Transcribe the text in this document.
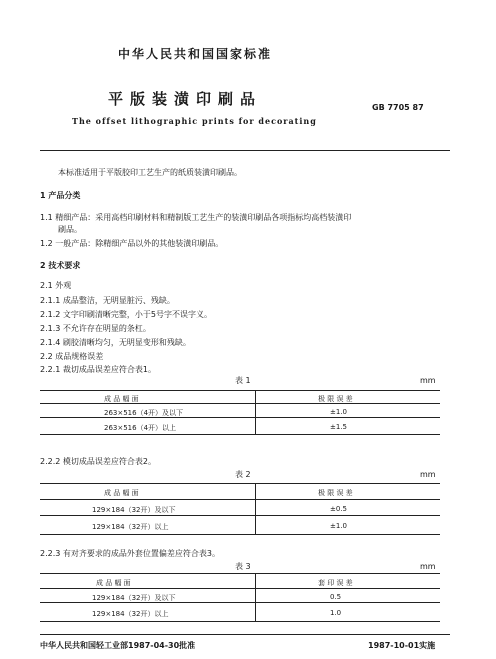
中华人民共和国国家标准
平版装潢印刷品	GB 7705 87
The offset lithographic prints for decorating
本标准适用于平版胶印工艺生产的纸质装潢印刷品。
1 产品分类
1.1 精细产品：采用高档印刷材料和精制版工艺生产的装潢印刷品各项指标均高档装潢印
刷品。
1.2 一般产品：除精细产品以外的其他装潢印刷品。
2 技术要求
2.1 外观
2.1.1 成品整洁，无明显脏污、残缺。
2.1.2 文字印刷清晰完整，小于5号字不误字义。
2.1.3 不允许存在明显的条杠。
2.1.4 刷胶清晰均匀，无明显变形和残缺。
2.2 成品规格误差
2.2.1 裁切成品误差应符合表1。
表 1	mm
成 品 幅 面	极 限 误 差
263×516（4开）及以下	±1.0
263×516（4开）以上	±1.5
2.2.2 模切成品误差应符合表2。
表 2	mm
成 品 幅 面	极 限 误 差
129×184（32开）及以下	±0.5
129×184（32开）以上	±1.0
2.2.3 有对齐要求的成品外套位置偏差应符合表3。
表 3	mm
成 品 幅 面	套 印 误 差
129×184（32开）及以下	0.5
129×184（32开）以上	1.0
中华人民共和国轻工业部1987-04-30批准	1987-10-01实施
